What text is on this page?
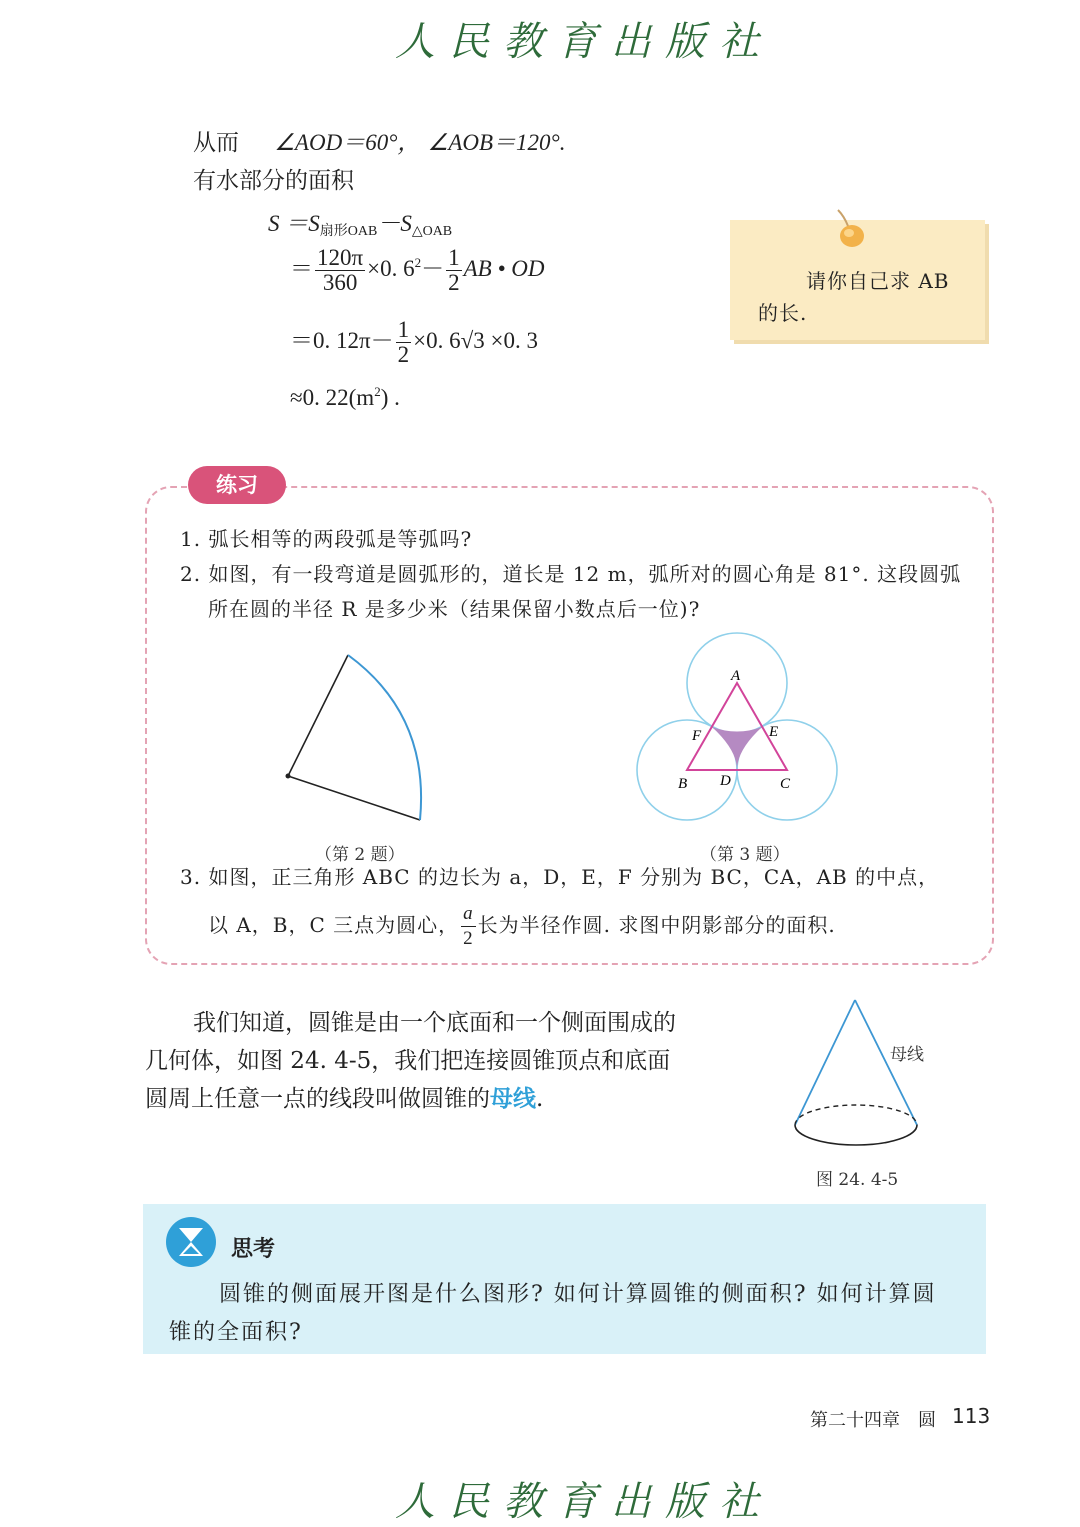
人民教育出版社
从而 ∠AOD＝60°， ∠AOB＝120°.
有水部分的面积
$S =S_{扇形OAB}-S_{\triangle OAB}$
＝ $\frac{120\pi}{360} \times 0$. $6^2- \frac{1}{2}$ AB • OD
＝0. $12\pi- \frac{1}{2} \times 0$. 6√3 ×0. 3
≈0. $22(m^2)$ .
请你自己求 AB
的长.
练习
1. 弧长相等的两段弧是等弧吗?
2. 如图，有一段弯道是圆弧形的，道长是 12 m，弧所对的圆心角是 81°. 这段圆弧
所在圆的半径 R 是多少米（结果保留小数点后一位)?
（第 2 题）
A
B	C
D
E
F
（第 3 题）
3. 如图，正三角形 ABC 的边长为 a，D，E，F 分别为 BC，CA，AB 的中点，
以 A，B，C 三点为圆心， $\frac{a}{2}$ 长为半径作圆. 求图中阴影部分的面积.
我们知道，圆锥是由一个底面和一个侧面围成的
几何体，如图 24. 4-5，我们把连接圆锥顶点和底面
圆周上任意一点的线段叫做圆锥的母线.
母线
图 24. 4-5
思考
圆锥的侧面展开图是什么图形? 如何计算圆锥的侧面积? 如何计算圆
锥的全面积?
第二十四章　圆 113
人民教育出版社
